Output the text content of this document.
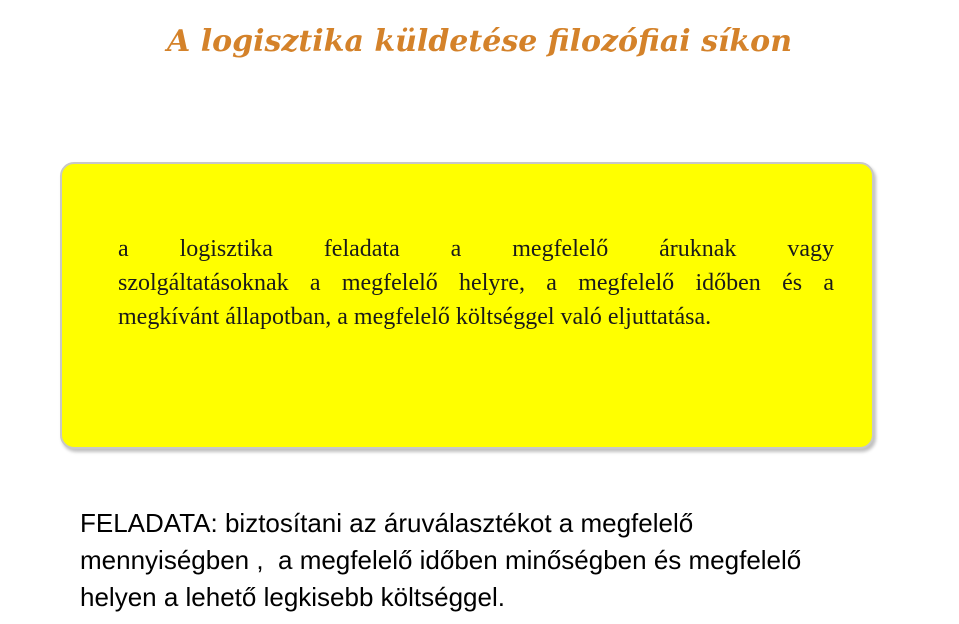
A logisztika küldetése filozófiai síkon

a logisztika feladata a megfelelő áruknak vagy
szolgáltatásoknak a megfelelő helyre, a megfelelő időben és a
megkívánt állapotban, a megfelelő költséggel való eljuttatása.

FELADATA: biztosítani az áruválasztékot a megfelelő
mennyiségben ,  a megfelelő időben minőségben és megfelelő
helyen a lehető legkisebb költséggel.
